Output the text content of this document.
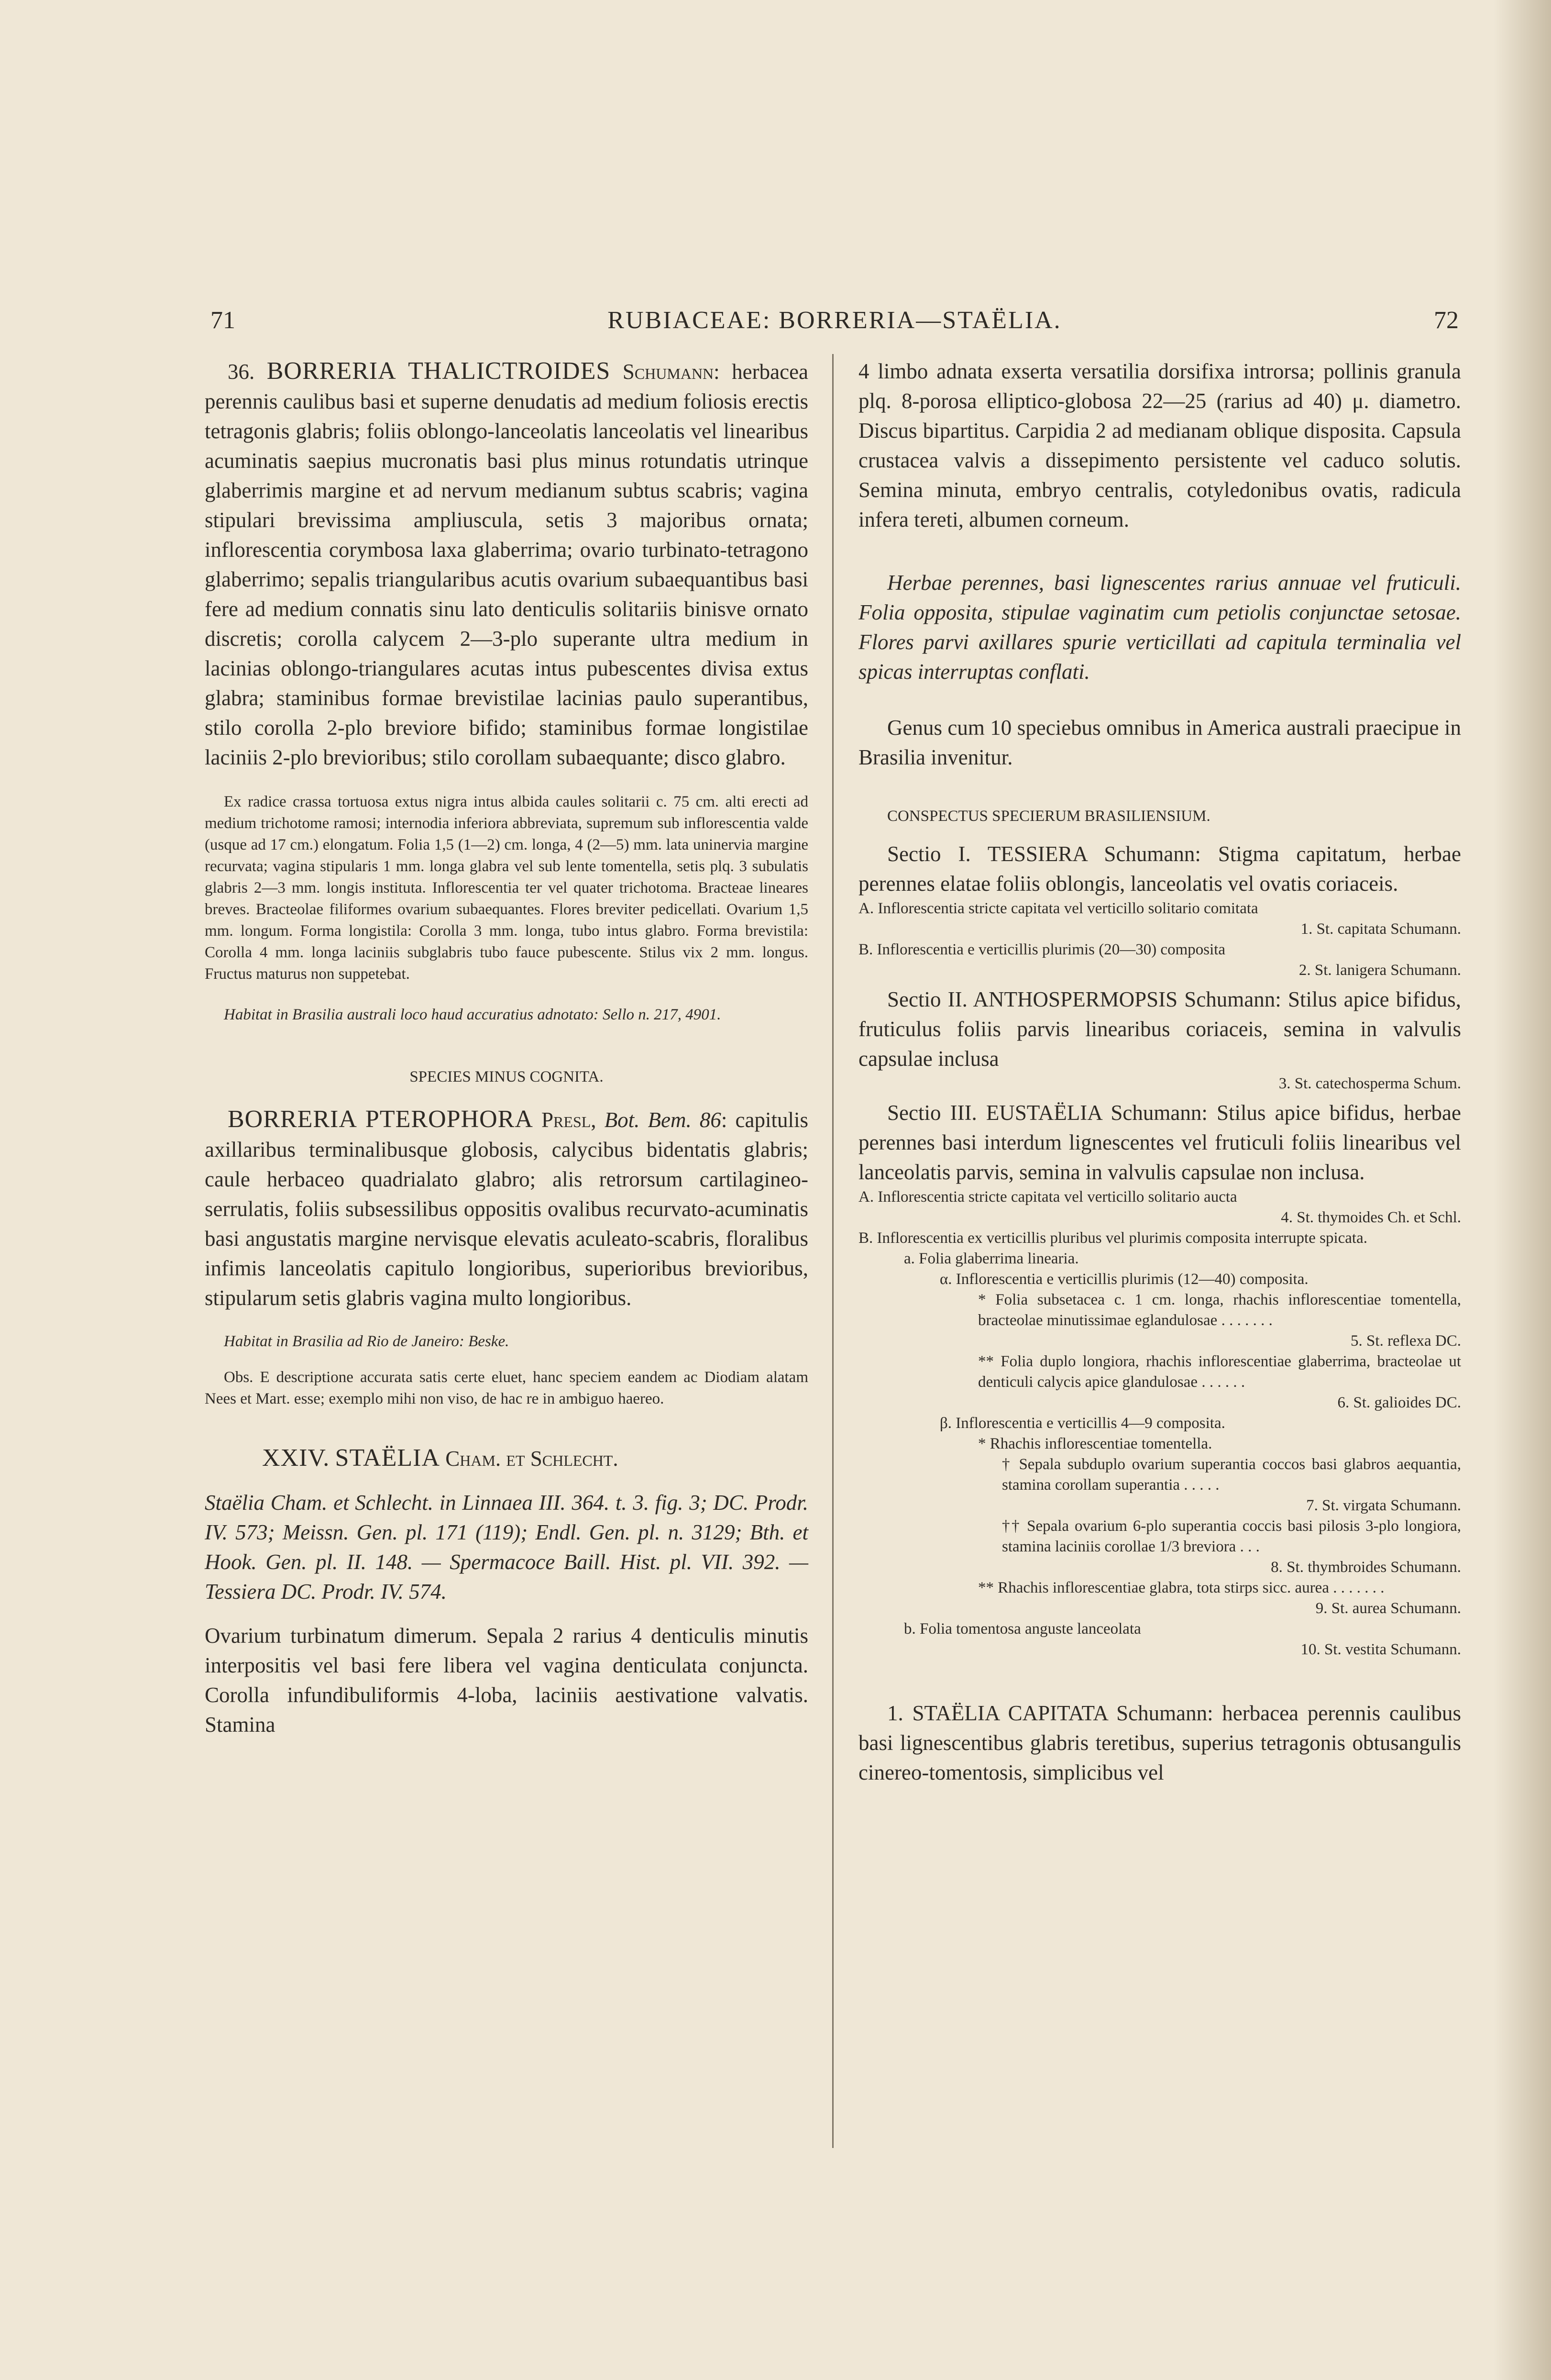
RUBIACEAE: BORRERIA—STAËLIA.
71	72

36. BORRERIA THALICTROIDES Schumann: herbacea perennis caulibus basi et superne denudatis ad medium foliosis erectis tetragonis glabris; foliis oblongo-lanceolatis lanceolatis vel linearibus acuminatis saepius mucronatis basi plus minus rotundatis utrinque glaberrimis margine et ad nervum medianum subtus scabris; vagina stipulari brevissima ampliuscula, setis 3 majoribus ornata; inflorescentia corymbosa laxa glaberrima; ovario turbinato-tetragono glaberrimo; sepalis triangularibus acutis ovarium subaequantibus basi fere ad medium connatis sinu lato denticulis solitariis binisve ornato discretis; corolla calycem 2—3-plo superante ultra medium in lacinias oblongo-triangulares acutas intus pubescentes divisa extus glabra; staminibus formae brevistilae lacinias paulo superantibus, stilo corolla 2-plo breviore bifido; staminibus formae longistilae laciniis 2-plo brevioribus; stilo corollam subaequante; disco glabro.

Ex radice crassa tortuosa extus nigra intus albida caules solitarii c. 75 cm. alti erecti ad medium trichotome ramosi; internodia inferiora abbreviata, supremum sub inflorescentia valde (usque ad 17 cm.) elongatum. Folia 1,5 (1—2) cm. longa, 4 (2—5) mm. lata uninervia margine recurvata; vagina stipularis 1 mm. longa glabra vel sub lente tomentella, setis plq. 3 subulatis glabris 2—3 mm. longis instituta. Inflorescentia ter vel quater trichotoma. Bracteae lineares breves. Bracteolae filiformes ovarium subaequantes. Flores breviter pedicellati. Ovarium 1,5 mm. longum. Forma longistila: Corolla 3 mm. longa, tubo intus glabro. Forma brevistila: Corolla 4 mm. longa laciniis subglabris tubo fauce pubescente. Stilus vix 2 mm. longus. Fructus maturus non suppetebat.

Habitat in Brasilia australi loco haud accuratius adnotato: Sello n. 217, 4901.

SPECIES MINUS COGNITA.

BORRERIA PTEROPHORA Presl, Bot. Bem. 86: capitulis axillaribus terminalibusque globosis, calycibus bidentatis glabris; caule herbaceo quadrialato glabro; alis retrorsum cartilagineo-serrulatis, foliis subsessilibus oppositis ovalibus recurvato-acuminatis basi angustatis margine nervisque elevatis aculeato-scabris, floralibus infimis lanceolatis capitulo longioribus, superioribus brevioribus, stipularum setis glabris vagina multo longioribus.

Habitat in Brasilia ad Rio de Janeiro: Beske.

Obs. E descriptione accurata satis certe eluet, hanc speciem eandem ac Diodiam alatam Nees et Mart. esse; exemplo mihi non viso, de hac re in ambiguo haereo.

XXIV. STAËLIA Cham. et Schlecht.

Staëlia Cham. et Schlecht. in Linnaea III. 364. t. 3. fig. 3; DC. Prodr. IV. 573; Meissn. Gen. pl. 171 (119); Endl. Gen. pl. n. 3129; Bth. et Hook. Gen. pl. II. 148. — Spermacoce Baill. Hist. pl. VII. 392. — Tessiera DC. Prodr. IV. 574.

Ovarium turbinatum dimerum. Sepala 2 rarius 4 denticulis minutis interpositis vel basi fere libera vel vagina denticulata conjuncta. Corolla infundibuliformis 4-loba, laciniis aestivatione valvatis. Stamina

4 limbo adnata exserta versatilia dorsifixa introrsa; pollinis granula plq. 8-porosa elliptico-globosa 22—25 (rarius ad 40) μ. diametro. Discus bipartitus. Carpidia 2 ad medianam oblique disposita. Capsula crustacea valvis a dissepimento persistente vel caduco solutis. Semina minuta, embryo centralis, cotyledonibus ovatis, radicula infera tereti, albumen corneum.

Herbae perennes, basi lignescentes rarius annuae vel fruticuli. Folia opposita, stipulae vaginatim cum petiolis conjunctae setosae. Flores parvi axillares spurie verticillati ad capitula terminalia vel spicas interruptas conflati.

Genus cum 10 speciebus omnibus in America australi praecipue in Brasilia invenitur.

CONSPECTUS SPECIERUM BRASILIENSIUM.

Sectio I. TESSIERA Schumann: Stigma capitatum, herbae perennes elatae foliis oblongis, lanceolatis vel ovatis coriaceis.

A. Inflorescentia stricte capitata vel verticillo solitario comitata
1. St. capitata Schumann.
B. Inflorescentia e verticillis plurimis (20—30) composita
2. St. lanigera Schumann.

Sectio II. ANTHOSPERMOPSIS Schumann: Stilus apice bifidus, fruticulus foliis parvis linearibus coriaceis, semina in valvulis capsulae inclusa

3. St. catechosperma Schum.

Sectio III. EUSTAËLIA Schumann: Stilus apice bifidus, herbae perennes basi interdum lignescentes vel fruticuli foliis linearibus vel lanceolatis parvis, semina in valvulis capsulae non inclusa.

A. Inflorescentia stricte capitata vel verticillo solitario aucta
4. St. thymoides Ch. et Schl.
B. Inflorescentia ex verticillis pluribus vel plurimis composita interrupte spicata.
a. Folia glaberrima linearia.
α. Inflorescentia e verticillis plurimis (12—40) composita.
* Folia subsetacea c. 1 cm. longa, rhachis inflorescentiae tomentella, bracteolae minutissimae eglandulosae . . . . . . .
5. St. reflexa DC.
** Folia duplo longiora, rhachis inflorescentiae glaberrima, bracteolae ut denticuli calycis apice glandulosae . . . . . .
6. St. galioides DC.
β. Inflorescentia e verticillis 4—9 composita.
* Rhachis inflorescentiae tomentella.
† Sepala subduplo ovarium superantia coccos basi glabros aequantia, stamina corollam superantia . . . . .
7. St. virgata Schumann.
†† Sepala ovarium 6-plo superantia coccis basi pilosis 3-plo longiora, stamina laciniis corollae 1/3 breviora . . .
8. St. thymbroides Schumann.
** Rhachis inflorescentiae glabra, tota stirps sicc. aurea . . . . . . .
9. St. aurea Schumann.
b. Folia tomentosa anguste lanceolata
10. St. vestita Schumann.

1. STAËLIA CAPITATA Schumann: herbacea perennis caulibus basi lignescentibus glabris teretibus, superius tetragonis obtusangulis cinereo-tomentosis, simplicibus vel
